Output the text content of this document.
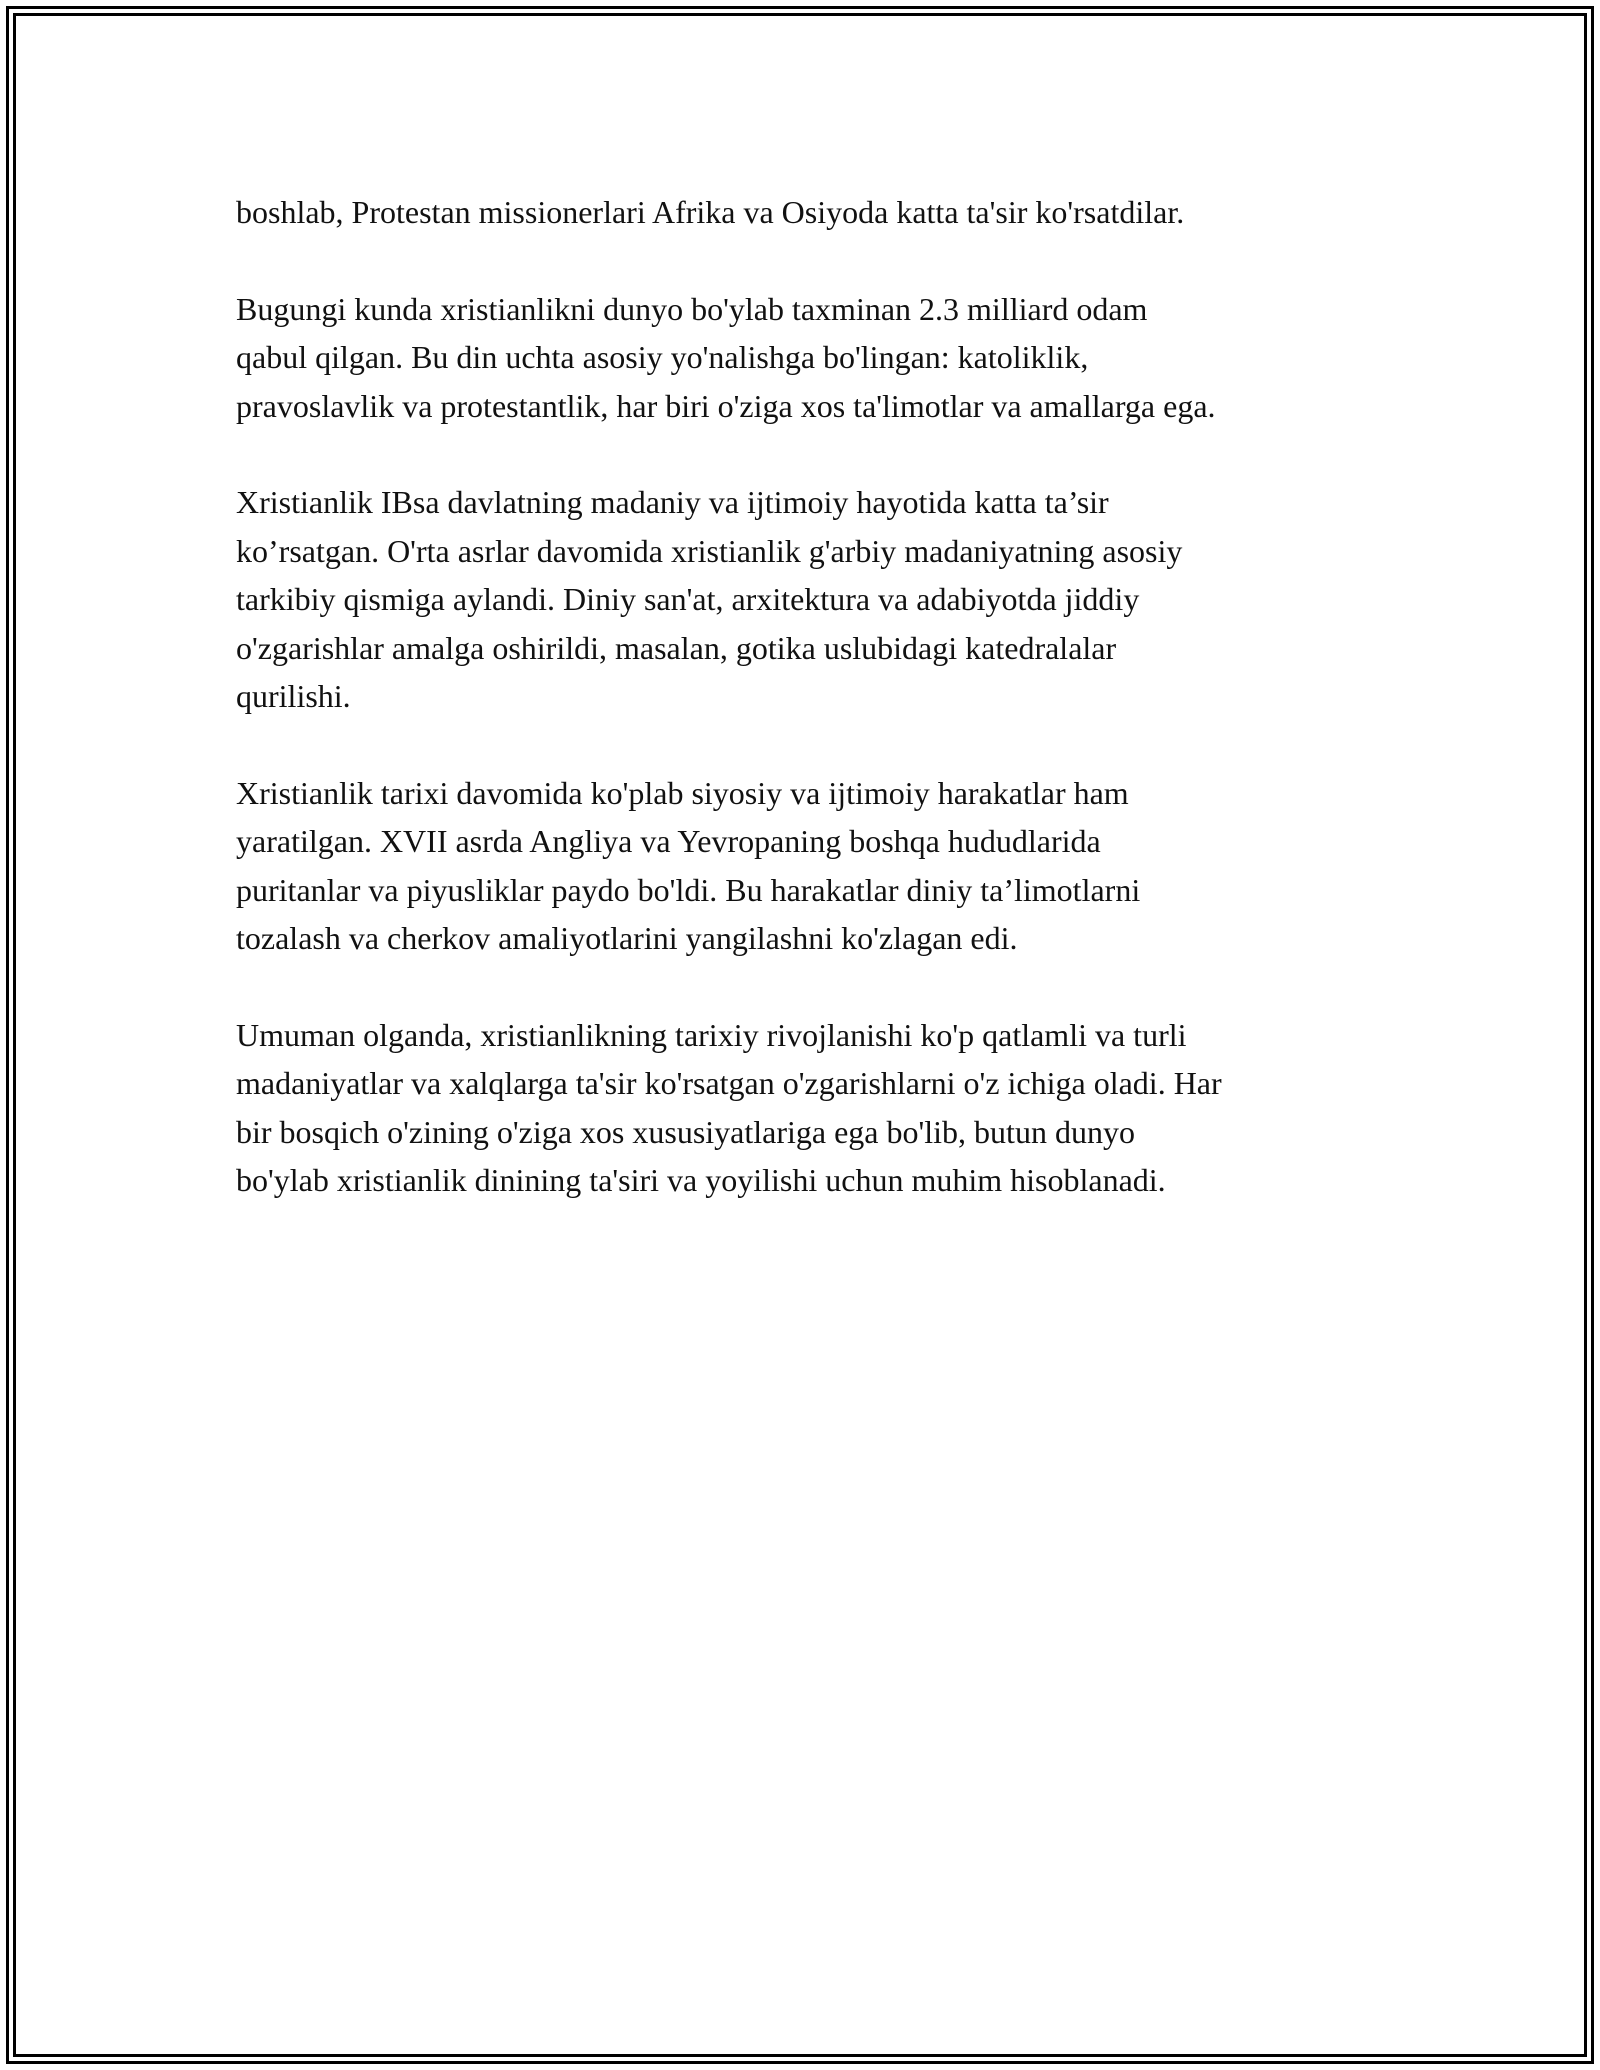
boshlab, Protestan missionerlari Afrika va Osiyoda katta ta'sir ko'rsatdilar.

Bugungi kunda xristianlikni dunyo bo'ylab taxminan 2.3 milliard odam
qabul qilgan. Bu din uchta asosiy yo'nalishga bo'lingan: katoliklik,
pravoslavlik va protestantlik, har biri o'ziga xos ta'limotlar va amallarga ega.

Xristianlik IBsa davlatning madaniy va ijtimoiy hayotida katta ta’sir
ko’rsatgan. O'rta asrlar davomida xristianlik g'arbiy madaniyatning asosiy
tarkibiy qismiga aylandi. Diniy san'at, arxitektura va adabiyotda jiddiy
o'zgarishlar amalga oshirildi, masalan, gotika uslubidagi katedralalar
qurilishi.

Xristianlik tarixi davomida ko'plab siyosiy va ijtimoiy harakatlar ham
yaratilgan. XVII asrda Angliya va Yevropaning boshqa hududlarida
puritanlar va piyusliklar paydo bo'ldi. Bu harakatlar diniy ta’limotlarni
tozalash va cherkov amaliyotlarini yangilashni ko'zlagan edi.

Umuman olganda, xristianlikning tarixiy rivojlanishi ko'p qatlamli va turli
madaniyatlar va xalqlarga ta'sir ko'rsatgan o'zgarishlarni o'z ichiga oladi. Har
bir bosqich o'zining o'ziga xos xususiyatlariga ega bo'lib, butun dunyo
bo'ylab xristianlik dinining ta'siri va yoyilishi uchun muhim hisoblanadi.
